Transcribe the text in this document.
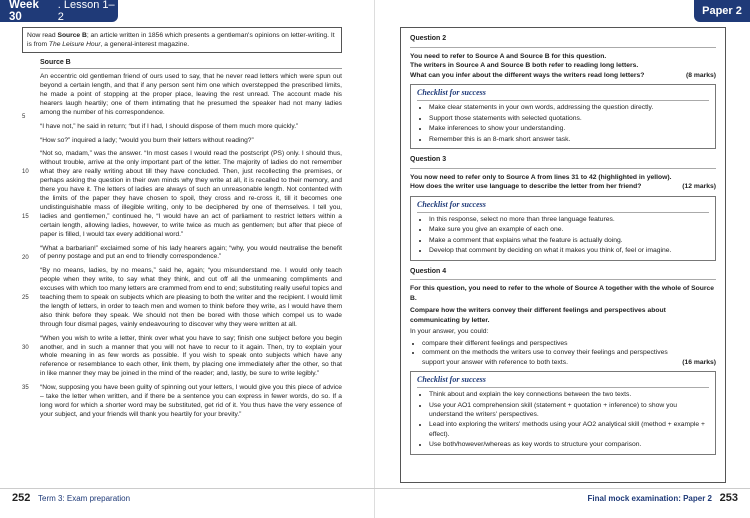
Week 30
. Lesson 1–2	Paper 2
Now read Source B; an article written in 1856 which presents a gentleman's opinions on letter-writing. It is from The Leisure Hour, a general-interest magazine.
Source B

5
An eccentric old gentleman friend of ours used to say, that he never read letters which were spun out beyond a certain length, and that if any person sent him one which overstepped the prescribed limits, he made a point of stopping at the proper place, leaving the rest unread. The account made his hearers laugh heartily; one of them intimating that he presumed the speaker had not many ladies among the number of his correspondence.

“I have not,” he said in return; “but if I had, I should dispose of them much more quickly.”

“How so?” inquired a lady; “would you burn their letters without reading?”

10
15
“Not so, madam,” was the answer. “In most cases I would read the postscript (PS) only. I should thus, without trouble, arrive at the only important part of the letter. The majority of ladies do not remember what they are really writing about till they have concluded. Then, just recollecting the premises, or perhaps asking the question in their own minds why they write at all, it is recalled to their memory, and there you have it. The letters of ladies are always of such an unreasonable length. Not contented with the limits of the paper they have chosen to spoil, they cross and re-cross it, till it becomes one undistinguishable mass of illegible writing, only to be deciphered by one of themselves. I tell you, ladies and gentlemen,” continued he, “I would have an act of parliament to restrict letters within a certain length, allowing ladies, however, to write twice as much as gentlemen; but after that piece of paper is filled, I would tax every additional word.”

20
“What a barbarian!” exclaimed some of his lady hearers again; “why, you would neutralise the benefit of penny postage and put an end to friendly correspondence.”

25
“By no means, ladies, by no means,” said he, again; “you misunderstand me. I would only teach people when they write, to say what they think, and cut off all the unmeaning compliments and excuses with which too many letters are crammed from end to end; substituting really useful topics and teaching them to speak on subjects which are pleasing to both the writer and the recipient. I would limit the length of letters, in order to teach men and women to think before they write, as I would have them also think before they speak. We should not then be bored with those which compel us to wade through four dismal pages, vainly endeavouring to discover why they were written at all.

30
“When you wish to write a letter, think over what you have to say; finish one subject before you begin another, and in such a manner that you will not have to recur to it again. Then, try to explain your whole meaning in as few words as possible. If you wish to speak onto subjects which have any reference or resemblance to each other, link them, by placing one immediately after the other, so that in like manner they may be joined in the mind of the reader; and, lastly, be sure to write legibly.”

35 “Now, supposing you have been guilty of spinning out your letters, I would give you this piece of advice – take the letter when written, and if there be a sentence you can express in fewer words, do so. If a long word for which a shorter word may be substituted, get rid of it. You thus have the very essence of your subject, and your friends will thank you heartily for your brevity.”

Question 2

You need to refer to Source A and Source B for this question.

The writers in Source A and Source B both refer to reading long letters.

What can you infer about the different ways the writers read long letters?	(8 marks)

Checklist for success
• Make clear statements in your own words, addressing the question directly.
• Support those statements with selected quotations.
• Make inferences to show your understanding.
• Remember this is an 8-mark short answer task.
Question 3

You now need to refer only to Source A from lines 31 to 42 (highlighted in yellow).

How does the writer use language to describe the letter from her friend?	(12 marks)

Checklist for success
• In this response, select no more than three language features.
• Make sure you give an example of each one.
• Make a comment that explains what the feature is actually doing.
• Develop that comment by deciding on what it makes you think of, feel or imagine.
Question 4

For this question, you need to refer to the whole of Source A together with the whole of Source B.

Compare how the writers convey their different feelings and perspectives about communicating by letter.

In your answer, you could:

• compare their different feelings and perspectives
• comment on the methods the writers use to convey their feelings and perspectives
support your answer with reference to both texts.	(16 marks)
Checklist for success
• Think about and explain the key connections between the two texts.
• Use your AO1 comprehension skill (statement + quotation + inference) to show you understand the writers' perspectives.
• Lead into exploring the writers' methods using your AO2 analytical skill (method + example + effect).
• Use both/however/whereas as key words to structure your comparison.
252 Term 3: Exam preparation	Final mock examination: Paper 2 253
